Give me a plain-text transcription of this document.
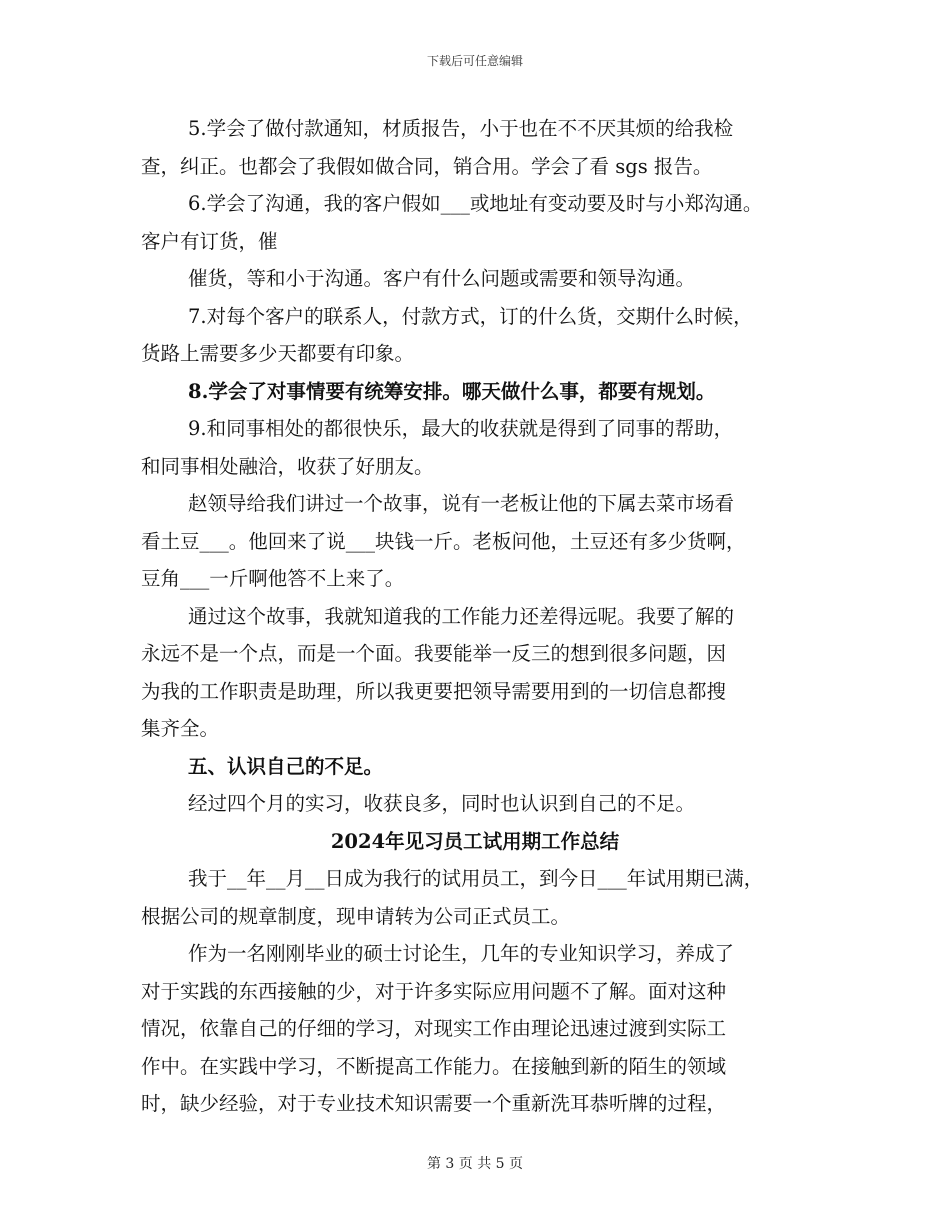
下载后可任意编辑

5.学会了做付款通知，材质报告，小于也在不不厌其烦的给我检

查，纠正。也都会了我假如做合同，销合用。学会了看 sgs 报告。

6.学会了沟通，我的客户假如___或地址有变动要及时与小郑沟通。

客户有订货，催

催货，等和小于沟通。客户有什么问题或需要和领导沟通。

7.对每个客户的联系人，付款方式，订的什么货，交期什么时候，

货路上需要多少天都要有印象。

8.学会了对事情要有统筹安排。哪天做什么事，都要有规划。

9.和同事相处的都很快乐，最大的收获就是得到了同事的帮助，

和同事相处融洽，收获了好朋友。

赵领导给我们讲过一个故事，说有一老板让他的下属去菜市场看

看土豆___。他回来了说___块钱一斤。老板问他，土豆还有多少货啊，

豆角___一斤啊他答不上来了。

通过这个故事，我就知道我的工作能力还差得远呢。我要了解的

永远不是一个点，而是一个面。我要能举一反三的想到很多问题，因

为我的工作职责是助理，所以我更要把领导需要用到的一切信息都搜

集齐全。

五、认识自己的不足。

经过四个月的实习，收获良多，同时也认识到自己的不足。

2024年见习员工试用期工作总结

我于__年__月__日成为我行的试用员工，到今日___年试用期已满，

根据公司的规章制度，现申请转为公司正式员工。

作为一名刚刚毕业的硕士讨论生，几年的专业知识学习，养成了

对于实践的东西接触的少，对于许多实际应用问题不了解。面对这种

情况，依靠自己的仔细的学习，对现实工作由理论迅速过渡到实际工

作中。在实践中学习，不断提高工作能力。在接触到新的陌生的领域

时，缺少经验，对于专业技术知识需要一个重新洗耳恭听牌的过程，

第 3 页 共 5 页
